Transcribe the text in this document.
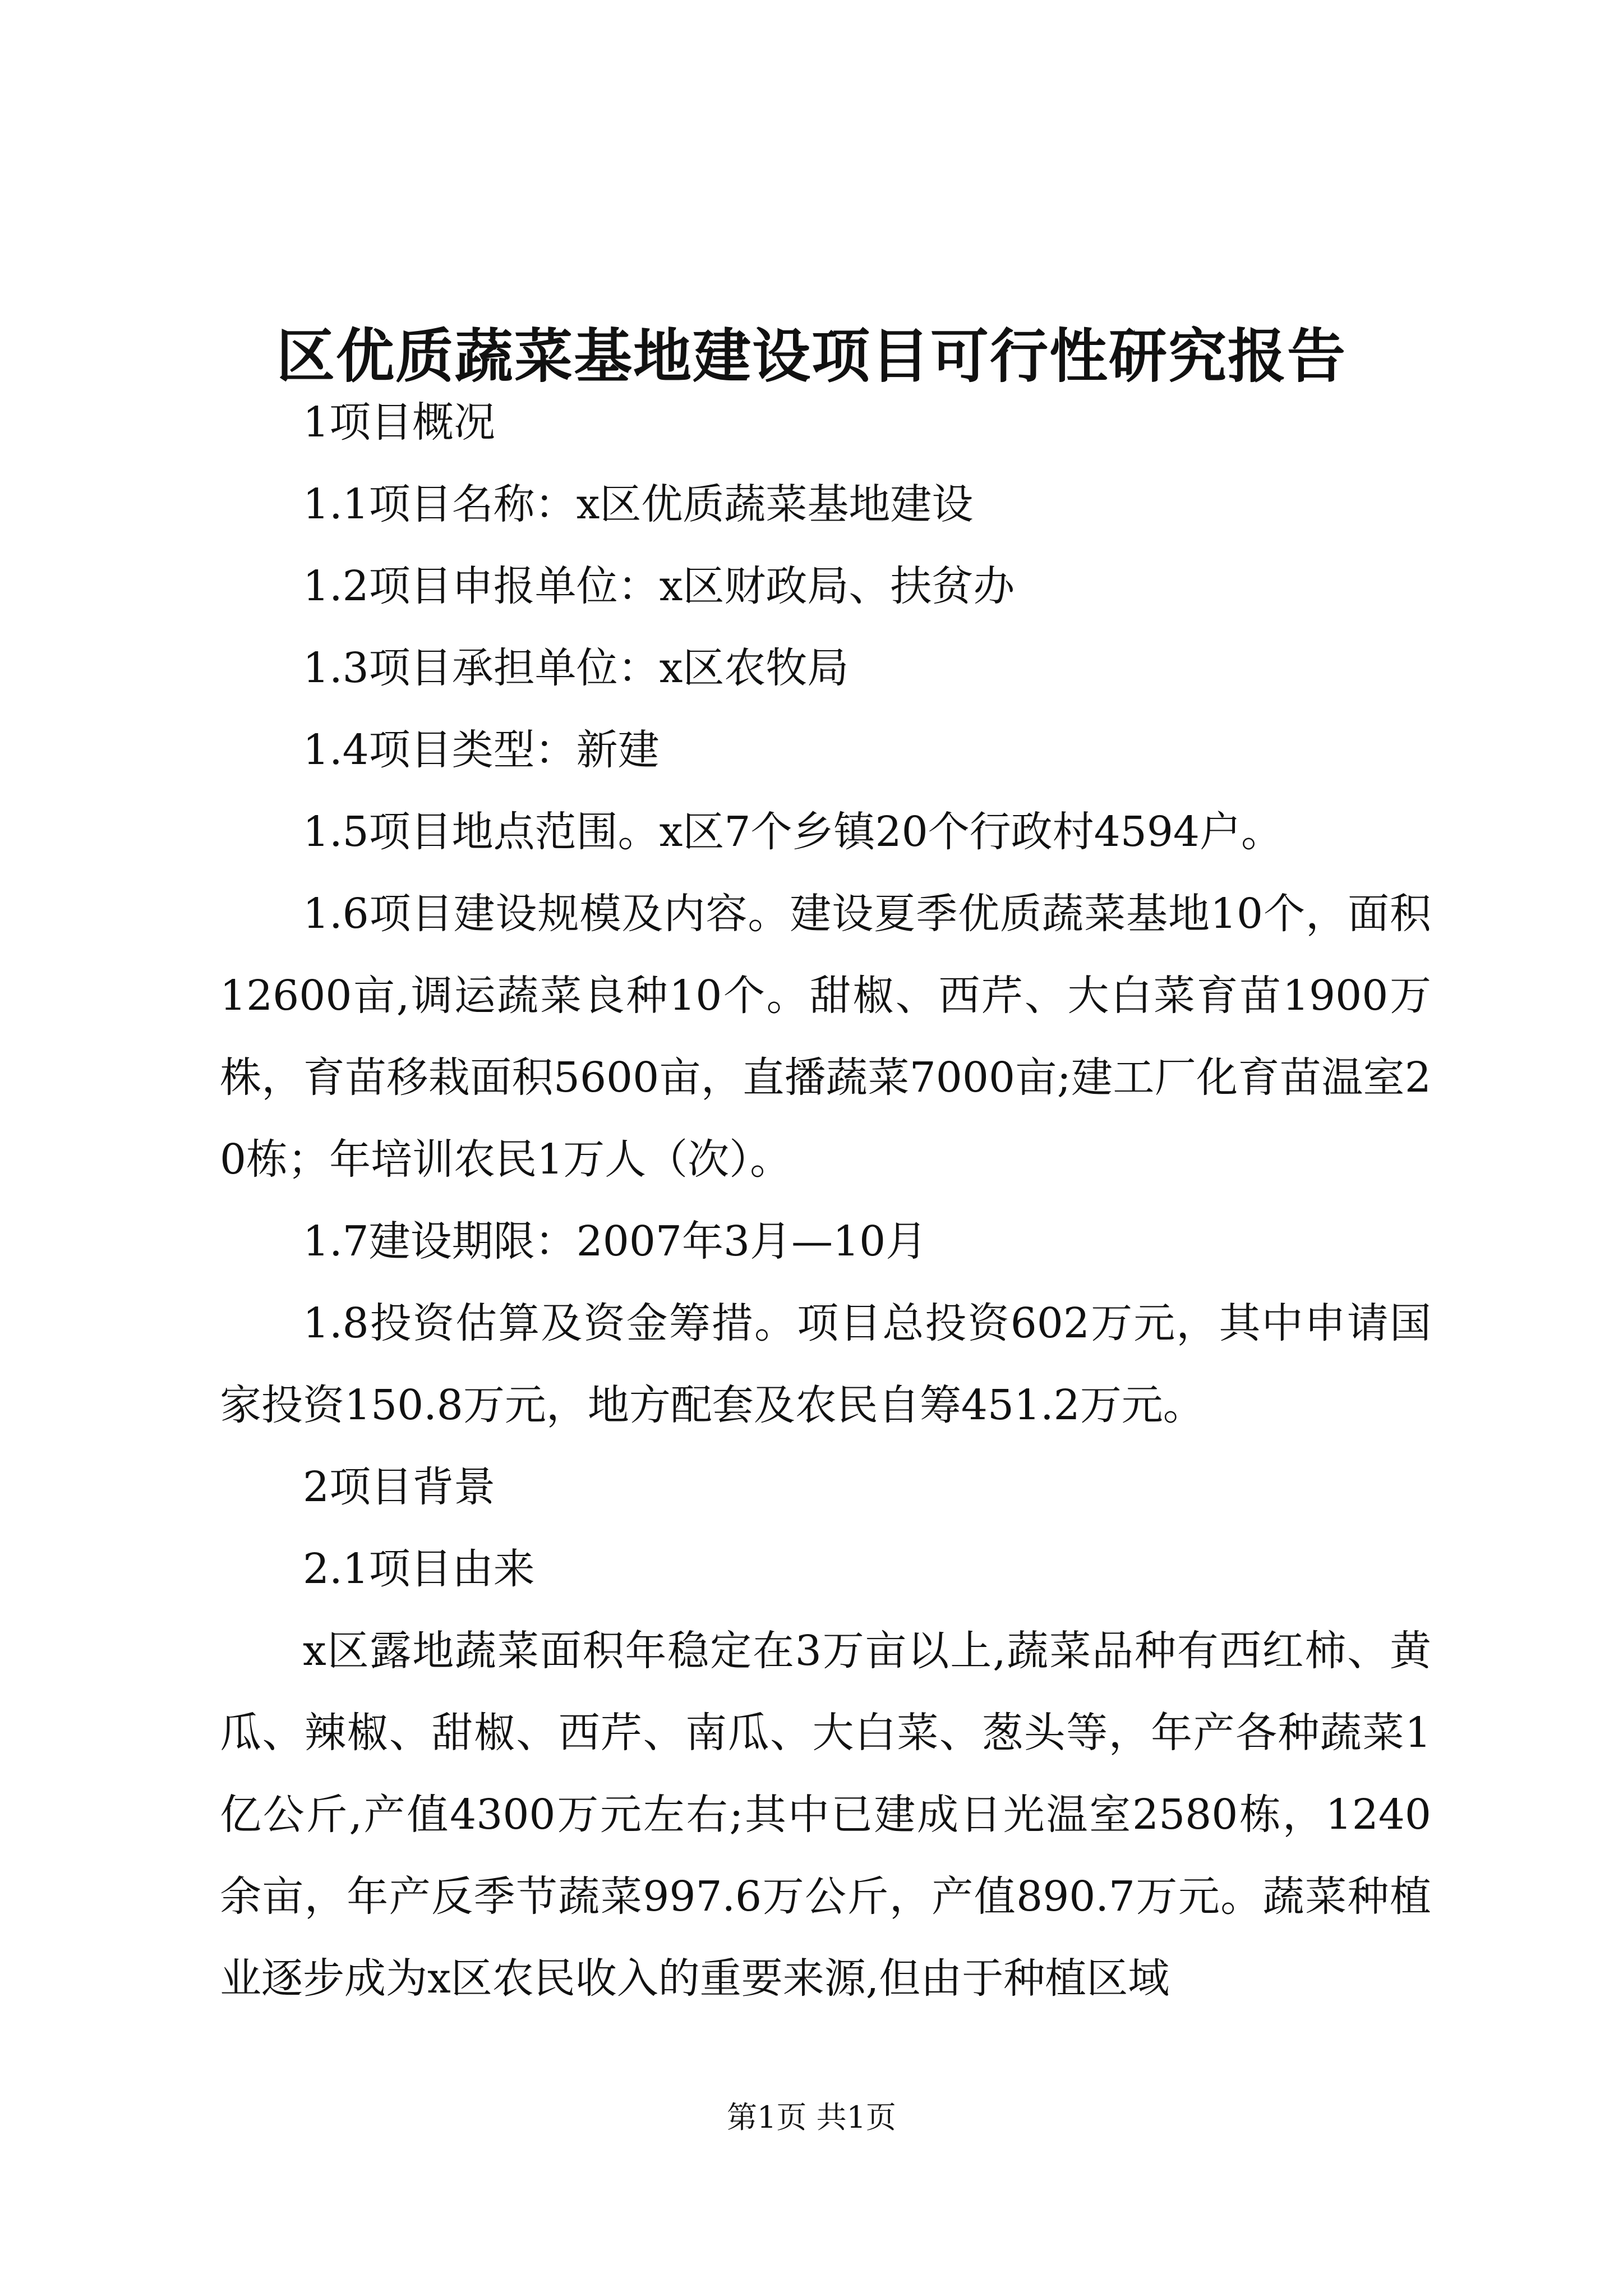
区优质蔬菜基地建设项目可行性研究报告

1项目概况

1.1项目名称：x区优质蔬菜基地建设

1.2项目申报单位：x区财政局、扶贫办

1.3项目承担单位：x区农牧局

1.4项目类型：新建

1.5项目地点范围。x区7个乡镇20个行政村4594户。

1.6项目建设规模及内容。建设夏季优质蔬菜基地10个，面积12600亩,调运蔬菜良种10个。甜椒、西芹、大白菜育苗1900万株，育苗移栽面积5600亩，直播蔬菜7000亩;建工厂化育苗温室20栋；年培训农民1万人（次）。

1.7建设期限：2007年3月—10月

1.8投资估算及资金筹措。项目总投资602万元，其中申请国家投资150.8万元，地方配套及农民自筹451.2万元。

2项目背景

2.1项目由来

x区露地蔬菜面积年稳定在3万亩以上,蔬菜品种有西红柿、黄瓜、辣椒、甜椒、西芹、南瓜、大白菜、葱头等，年产各种蔬菜1亿公斤,产值4300万元左右;其中已建成日光温室2580栋，1240余亩，年产反季节蔬菜997.6万公斤，产值890.7万元。蔬菜种植业逐步成为x区农民收入的重要来源,但由于种植区域

第1页 共1页
